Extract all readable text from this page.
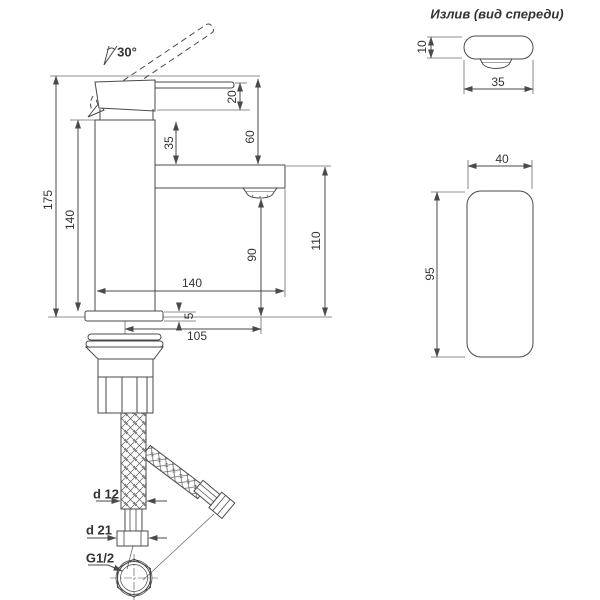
175
140
20
60
35
90
110
140
105
5
30°
d 12
d 21
G1/2
Излив (вид спереди)
10
35
40
95
